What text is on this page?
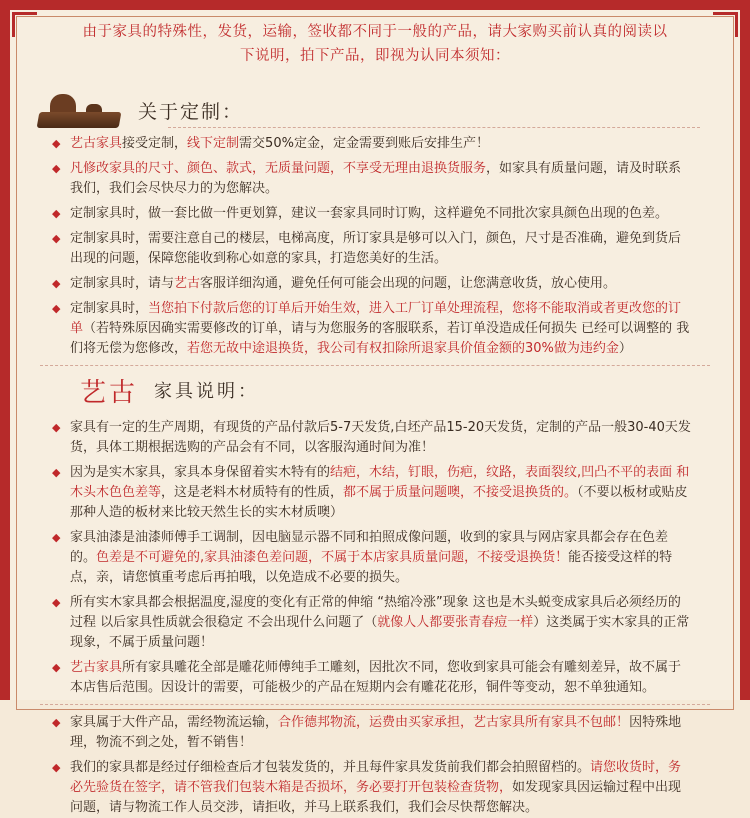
由于家具的特殊性，发货，运输，签收都不同于一般的产品，请大家购买前认真的阅读以
下说明，拍下产品，即视为认同本须知：
关于定制：
◆ 艺古家具接受定制，线下定制需交50%定金，定金需要到账后安排生产！
◆ 凡修改家具的尺寸、颜色、款式，无质量问题，不享受无理由退换货服务，如家具有质量问题，请及时联系我们，我们会尽快尽力的为您解决。
◆ 定制家具时，做一套比做一件更划算，建议一套家具同时订购，这样避免不同批次家具颜色出现的色差。
◆ 定制家具时，需要注意自己的楼层，电梯高度，所订家具是够可以入门，颜色，尺寸是否准确，避免到货后出现的问题，保障您能收到称心如意的家具，打造您美好的生活。
◆ 定制家具时，请与艺古客服详细沟通，避免任何可能会出现的问题，让您满意收货，放心使用。
◆ 定制家具时，当您拍下付款后您的订单后开始生效，进入工厂订单处理流程，您将不能取消或者更改您的订单（若特殊原因确实需要修改的订单，请与为您服务的客服联系，若订单没造成任何损失 已经可以调整的 我们将无偿为您修改，若您无故中途退换货，我公司有权扣除所退家具价值金额的30%做为违约金）
艺古 家具说明：
◆ 家具有一定的生产周期，有现货的产品付款后5-7天发货,白坯产品15-20天发货，定制的产品一般30-40天发货，具体工期根据选购的产品会有不同，以客服沟通时间为准！
◆ 因为是实木家具，家具本身保留着实木特有的结疤，木结，钉眼，伤疤，纹路，表面裂纹,凹凸不平的表面 和木头木色色差等，这是老料木材质特有的性质，都不属于质量问题噢，不接受退换货的。（不要以板材或贴皮那种人造的板材来比较天然生长的实木材质噢）
◆ 家具油漆是油漆师傅手工调制，因电脑显示器不同和拍照成像问题，收到的家具与网店家具都会存在色差的。色差是不可避免的,家具油漆色差问题，不属于本店家具质量问题，不接受退换货！能否接受这样的特点，亲，请您慎重考虑后再拍哦，以免造成不必要的损失。
◆ 所有实木家具都会根据温度,湿度的变化有正常的伸缩 “热缩冷涨”现象 这也是木头蜕变成家具后必须经历的过程 以后家具性质就会很稳定 不会出现什么问题了（就像人人都要张青春痘一样）这类属于实木家具的正常现象，不属于质量问题！
◆ 艺古家具所有家具雕花全部是雕花师傅纯手工雕刻，因批次不同，您收到家具可能会有雕刻差异，故不属于本店售后范围。因设计的需要，可能极少的产品在短期内会有雕花花形，铜件等变动，恕不单独通知。
◆ 家具属于大件产品，需经物流运输，合作德邦物流，运费由买家承担，艺古家具所有家具不包邮！因特殊地理，物流不到之处，暂不销售！
◆ 我们的家具都是经过仔细检查后才包装发货的，并且每件家具发货前我们都会拍照留档的。请您收货时，务必先验货在签字，请不管我们包装木箱是否损坏，务必要打开包装检查货物，如发现家具因运输过程中出现问题，请与物流工作人员交涉，请拒收，并马上联系我们，我们会尽快帮您解决。
